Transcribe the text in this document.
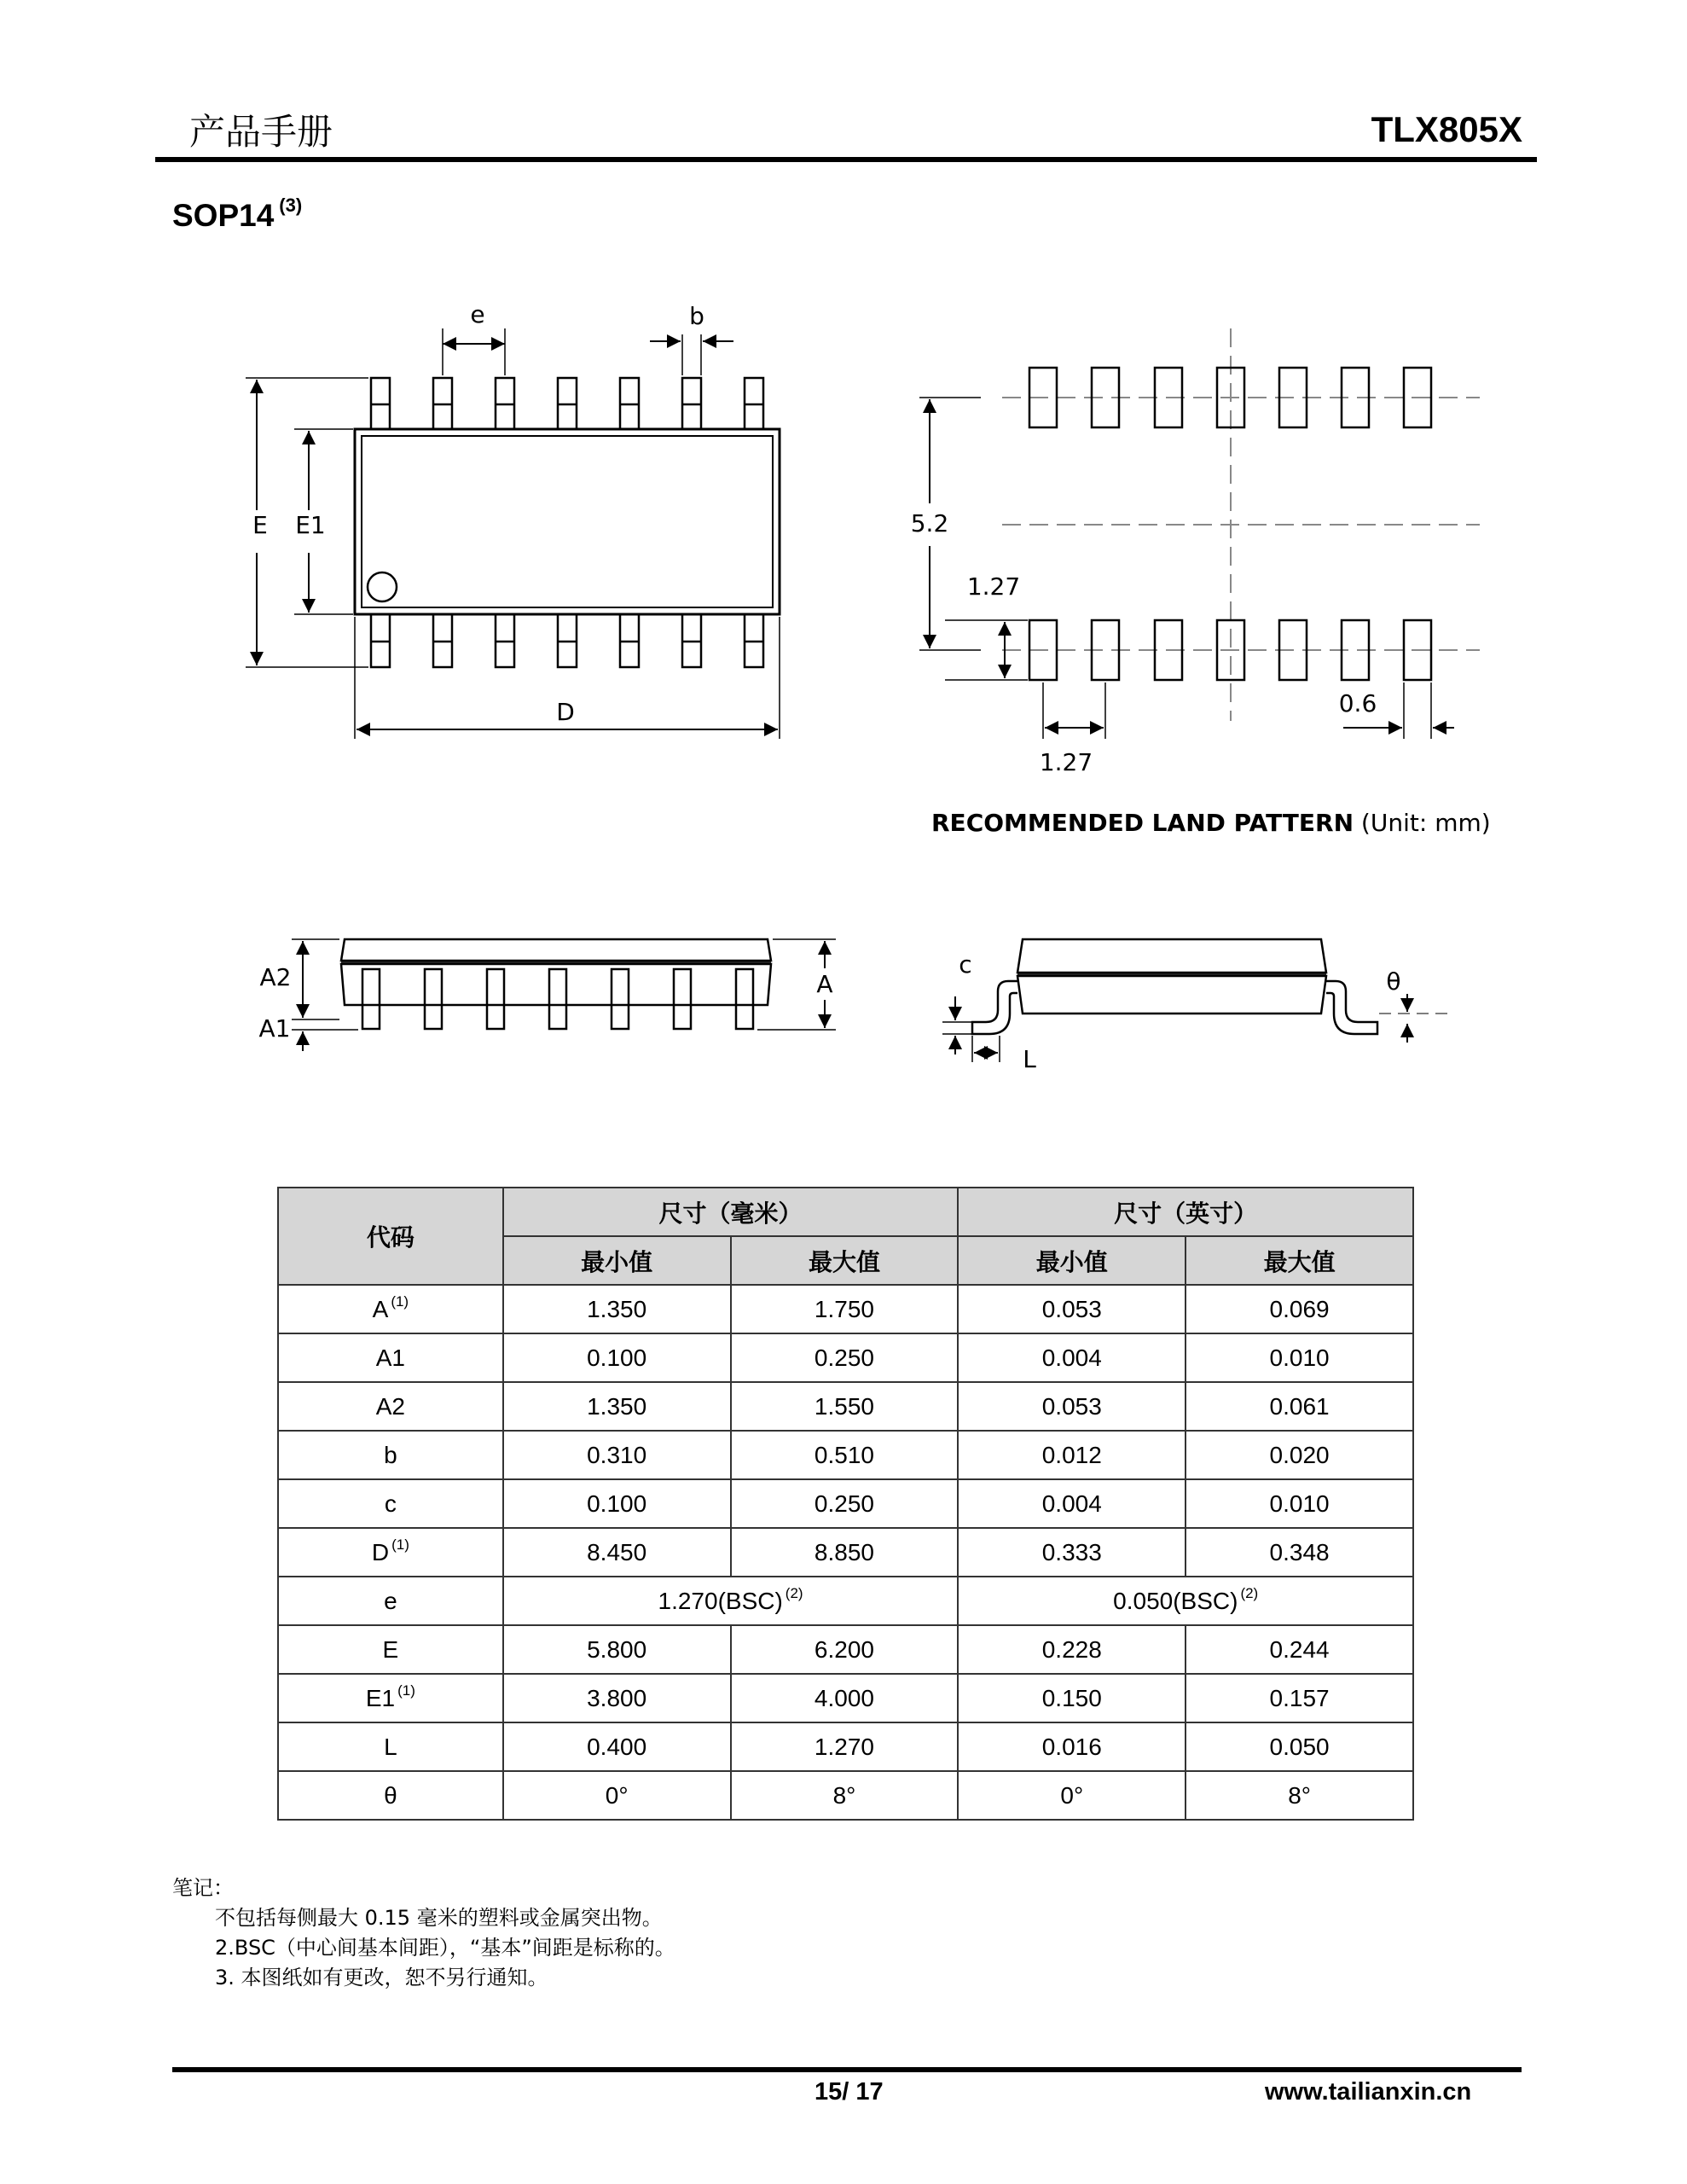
产品手册	TLX805X
SOP14 $^{(3)}$
e	b
E E1
D
5.2
1.27
1.27
0.6
A2
A1
A
c
L
θ
RECOMMENDED LAND PATTERN (Unit: mm)
代码	尺寸（毫米）		尺寸（英寸）	
	最小值	最大值	最小值	最大值
A $^{(1)}$	1.350	1.750	0.053	0.069
A1	0.100	0.250	0.004	0.010
A2	1.350	1.550	0.053	0.061
b	0.310	0.510	0.012	0.020
c	0.100	0.250	0.004	0.010
D $^{(1)}$	8.450	8.850	0.333	0.348
e	1.270(BSC) $^{(2)}$		0.050(BSC) $^{(2)}$
E	5.800	6.200	0.228	0.244
E1 $^{(1)}$	3.800	4.000	0.150	0.157
L	0.400	1.270	0.016	0.050
θ	0°	8°	0°	8°
笔记：
不包括每侧最大 0.15 毫米的塑料或金属突出物。
2.BSC（中心间基本间距），“基本”间距是标称的。
3. 本图纸如有更改，恕不另行通知。
15/ 17	www.tailianxin.cn
